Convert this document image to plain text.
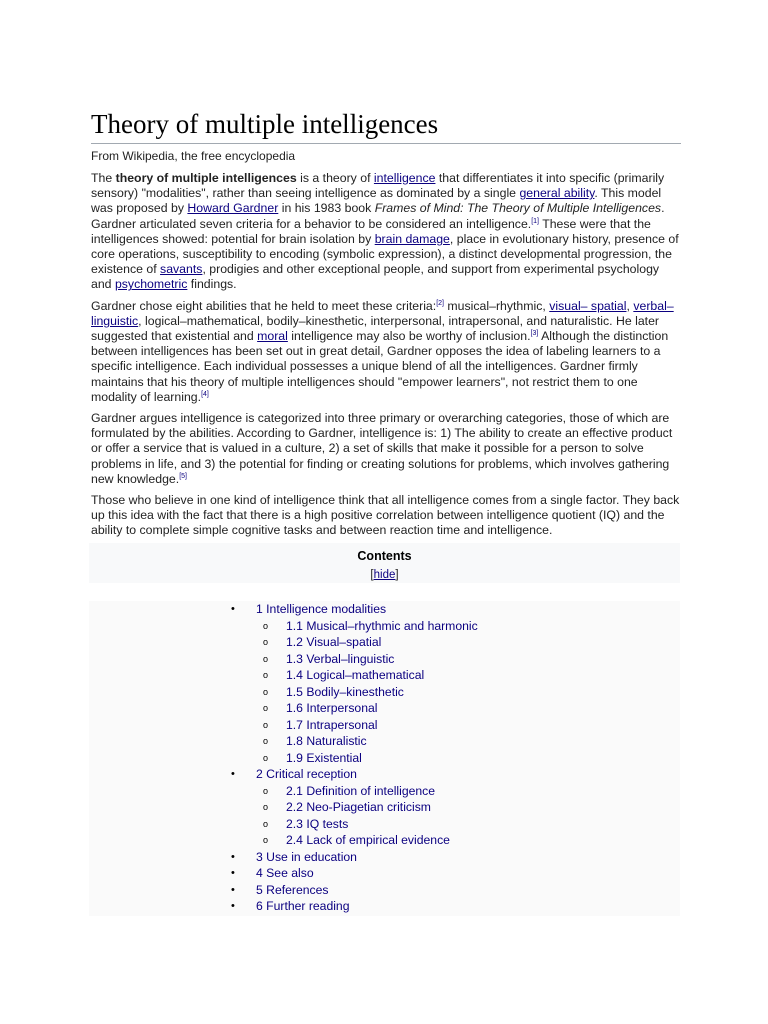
Theory of multiple intelligences
From Wikipedia, the free encyclopedia

The theory of multiple intelligences is a theory of intelligence that differentiates it into specific (primarily sensory) "modalities", rather than seeing intelligence as dominated by a single general ability. This model was proposed by Howard Gardner in his 1983 book Frames of Mind: The Theory of Multiple Intelligences. Gardner articulated seven criteria for a behavior to be considered an intelligence.[1] These were that the intelligences showed: potential for brain isolation by brain damage, place in evolutionary history, presence of core operations, susceptibility to encoding (symbolic expression), a distinct developmental progression, the existence of savants, prodigies and other exceptional people, and support from experimental psychology and psychometric findings.

Gardner chose eight abilities that he held to meet these criteria:[2] musical–rhythmic, visual– spatial, verbal–linguistic, logical–mathematical, bodily–kinesthetic, interpersonal, intrapersonal, and naturalistic. He later suggested that existential and moral intelligence may also be worthy of inclusion.[3] Although the distinction between intelligences has been set out in great detail, Gardner opposes the idea of labeling learners to a specific intelligence. Each individual possesses a unique blend of all the intelligences. Gardner firmly maintains that his theory of multiple intelligences should "empower learners", not restrict them to one modality of learning.[4]

Gardner argues intelligence is categorized into three primary or overarching categories, those of which are formulated by the abilities. According to Gardner, intelligence is: 1) The ability to create an effective product or offer a service that is valued in a culture, 2) a set of skills that make it possible for a person to solve problems in life, and 3) the potential for finding or creating solutions for problems, which involves gathering new knowledge.[5]

Those who believe in one kind of intelligence think that all intelligence comes from a single factor. They back up this idea with the fact that there is a high positive correlation between intelligence quotient (IQ) and the ability to complete simple cognitive tasks and between reaction time and intelligence.

Contents
[hide]
• 1 Intelligence modalities
o 1.1 Musical–rhythmic and harmonic
o 1.2 Visual–spatial
o 1.3 Verbal–linguistic
o 1.4 Logical–mathematical
o 1.5 Bodily–kinesthetic
o 1.6 Interpersonal
o 1.7 Intrapersonal
o 1.8 Naturalistic
o 1.9 Existential
• 2 Critical reception
o 2.1 Definition of intelligence
o 2.2 Neo-Piagetian criticism
o 2.3 IQ tests
o 2.4 Lack of empirical evidence
• 3 Use in education
• 4 See also
• 5 References
• 6 Further reading
